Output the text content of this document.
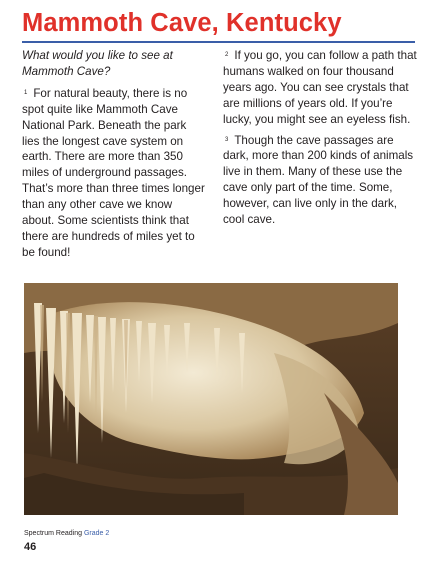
Mammoth Cave, Kentucky

What would you like to see at Mammoth Cave?

$^1$ For natural beauty, there is no spot quite like Mammoth Cave National Park. Beneath the park lies the longest cave system on earth. There are more than 350 miles of underground passages. That’s more than three times longer than any other cave we know about. Some scientists think that there are hundreds of miles yet to be found!

$^2$ If you go, you can follow a path that humans walked on four thousand years ago. You can see crystals that are millions of years old. If you’re lucky, you might see an eyeless fish.

$^3$ Though the cave passages are dark, more than 200 kinds of animals live in them. Many of these use the cave only part of the time. Some, however, can live only in the dark, cool cave.

Spectrum Reading Grade 2
46
